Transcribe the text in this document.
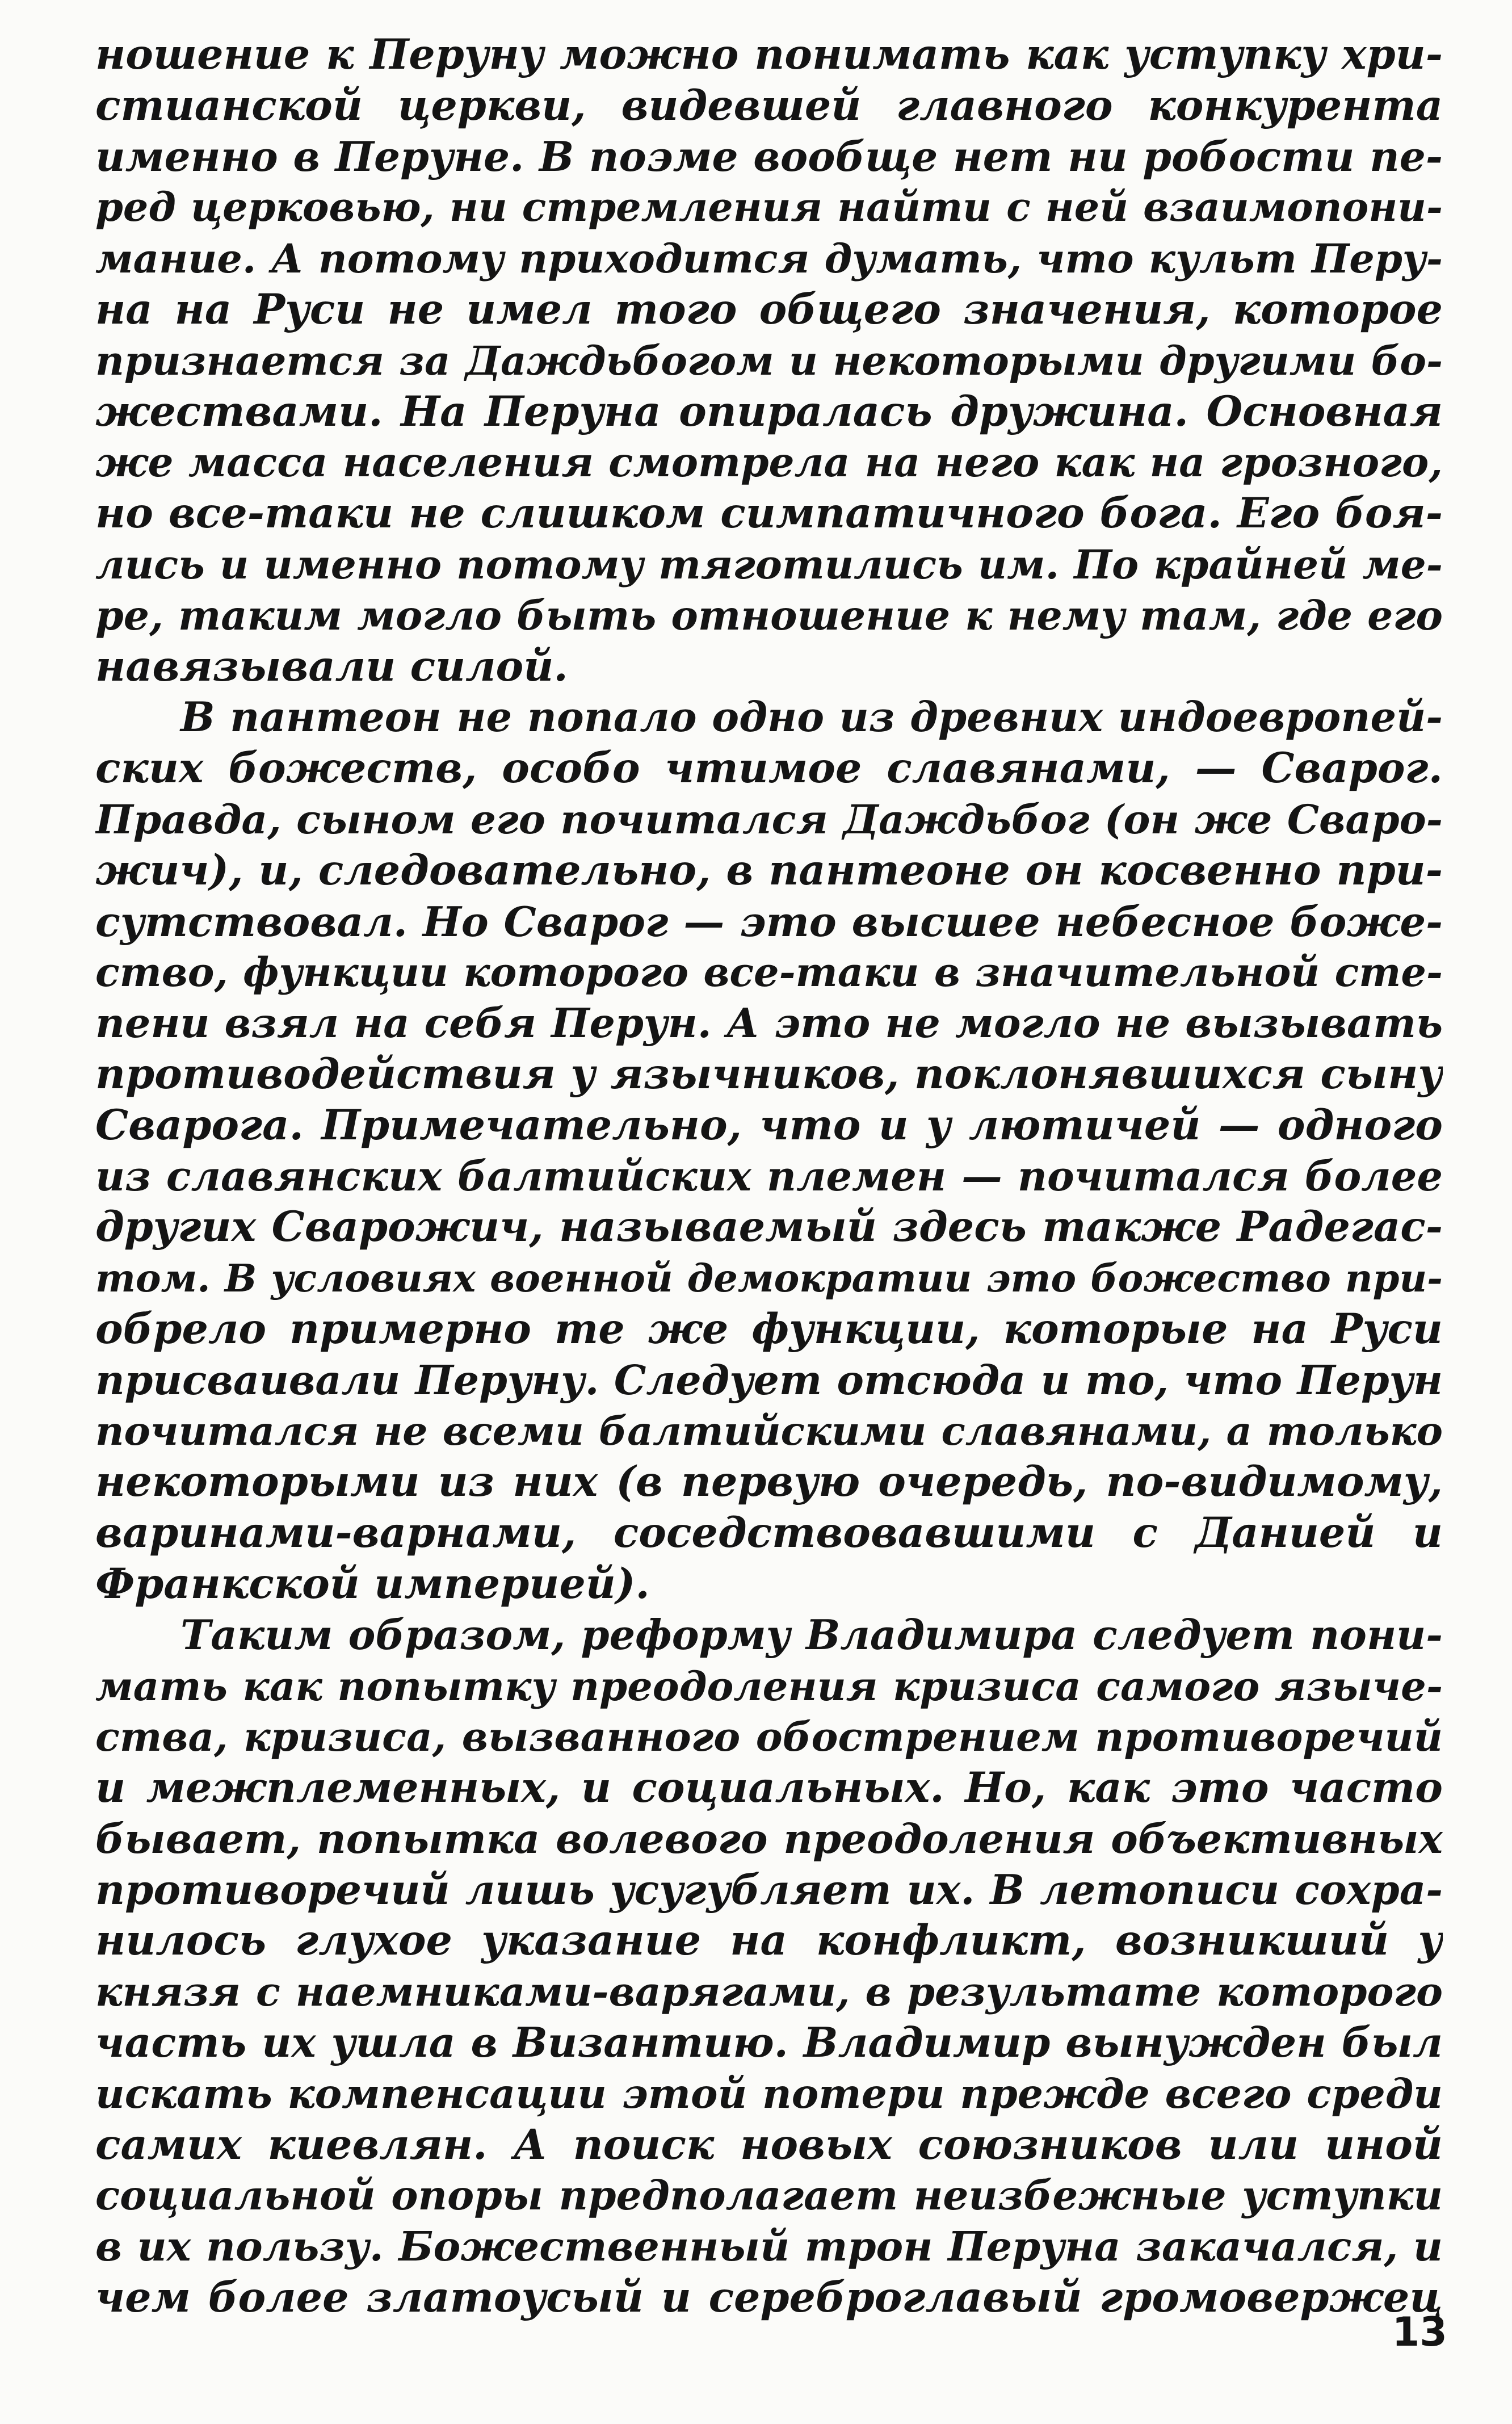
ношение к Перуну можно понимать как уступку хри-
стианской церкви, видевшей главного конкурента
именно в Перуне. В поэме вообще нет ни робости пе-
ред церковью, ни стремления найти с ней взаимопони-
мание. А потому приходится думать, что культ Перу-
на на Руси не имел того общего значения, которое
признается за Даждьбогом и некоторыми другими бо-
жествами. На Перуна опиралась дружина. Основная
же масса населения смотрела на него как на грозного,
но все-таки не слишком симпатичного бога. Его боя-
лись и именно потому тяготились им. По крайней ме-
ре, таким могло быть отношение к нему там, где его
навязывали силой.
В пантеон не попало одно из древних индоевропей-
ских божеств, особо чтимое славянами, — Сварог.
Правда, сыном его почитался Даждьбог (он же Сваро-
жич), и, следовательно, в пантеоне он косвенно при-
сутствовал. Но Сварог — это высшее небесное боже-
ство, функции которого все-таки в значительной сте-
пени взял на себя Перун. А это не могло не вызывать
противодействия у язычников, поклонявшихся сыну
Сварога. Примечательно, что и у лютичей — одного
из славянских балтийских племен — почитался более
других Сварожич, называемый здесь также Радегас-
том. В условиях военной демократии это божество при-
обрело примерно те же функции, которые на Руси
присваивали Перуну. Следует отсюда и то, что Перун
почитался не всеми балтийскими славянами, а только
некоторыми из них (в первую очередь, по-видимому,
варинами-варнами, соседствовавшими с Данией и
Франкской империей).
Таким образом, реформу Владимира следует пони-
мать как попытку преодоления кризиса самого языче-
ства, кризиса, вызванного обострением противоречий
и межплеменных, и социальных. Но, как это часто
бывает, попытка волевого преодоления объективных
противоречий лишь усугубляет их. В летописи сохра-
нилось глухое указание на конфликт, возникший у
князя с наемниками-варягами, в результате которого
часть их ушла в Византию. Владимир вынужден был
искать компенсации этой потери прежде всего среди
самих киевлян. А поиск новых союзников или иной
социальной опоры предполагает неизбежные уступки
в их пользу. Божественный трон Перуна закачался, и
чем более златоусый и сереброглавый громовержец
13
